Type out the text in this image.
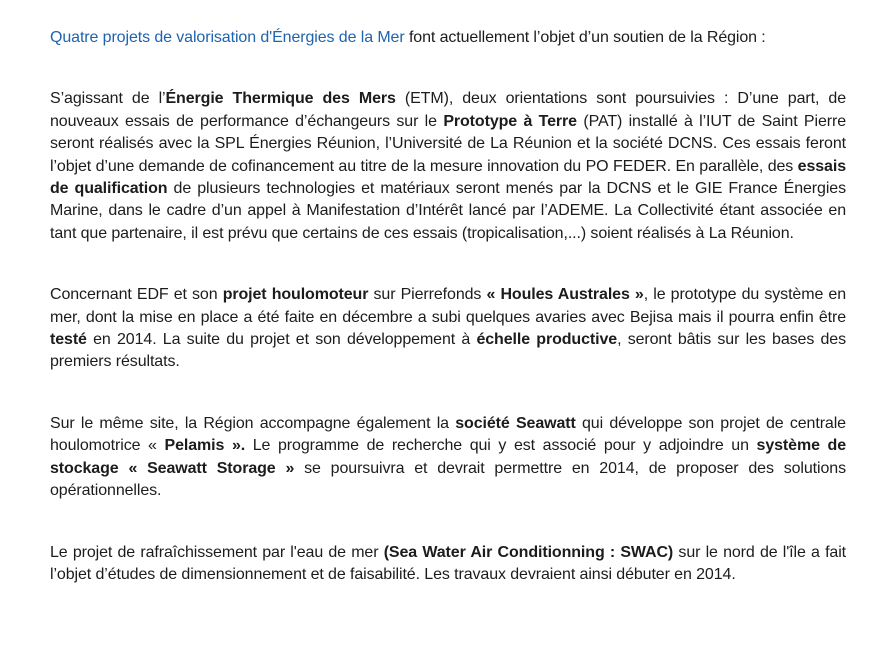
Quatre projets de valorisation d'Énergies de la Mer font actuellement l’objet d’un soutien de la Région :

S’agissant de l’Énergie Thermique des Mers (ETM), deux orientations sont poursuivies : D’une part, de nouveaux essais de performance d’échangeurs sur le Prototype à Terre (PAT) installé à l’IUT de Saint Pierre seront réalisés avec la SPL Énergies Réunion, l’Université de La Réunion et la société DCNS. Ces essais feront l’objet d’une demande de cofinancement au titre de la mesure innovation du PO FEDER. En parallèle, des essais de qualification de plusieurs technologies et matériaux seront menés par la DCNS et le GIE France Énergies Marine, dans le cadre d’un appel à Manifestation d’Intérêt lancé par l’ADEME. La Collectivité étant associée en tant que partenaire, il est prévu que certains de ces essais (tropicalisation,...) soient réalisés à La Réunion.

Concernant EDF et son projet houlomoteur sur Pierrefonds « Houles Australes », le prototype du système en mer, dont la mise en place a été faite en décembre a subi quelques avaries avec Bejisa mais il pourra enfin être testé en 2014. La suite du projet et son développement à échelle productive, seront bâtis sur les bases des premiers résultats.

Sur le même site, la Région accompagne également la société Seawatt qui développe son projet de centrale houlomotrice « Pelamis ». Le programme de recherche qui y est associé pour y adjoindre un système de stockage « Seawatt Storage » se poursuivra et devrait permettre en 2014, de proposer des solutions opérationnelles.

Le projet de rafraîchissement par l'eau de mer (Sea Water Air Conditionning : SWAC) sur le nord de l'île a fait l’objet d’études de dimensionnement et de faisabilité. Les travaux devraient ainsi débuter en 2014.
